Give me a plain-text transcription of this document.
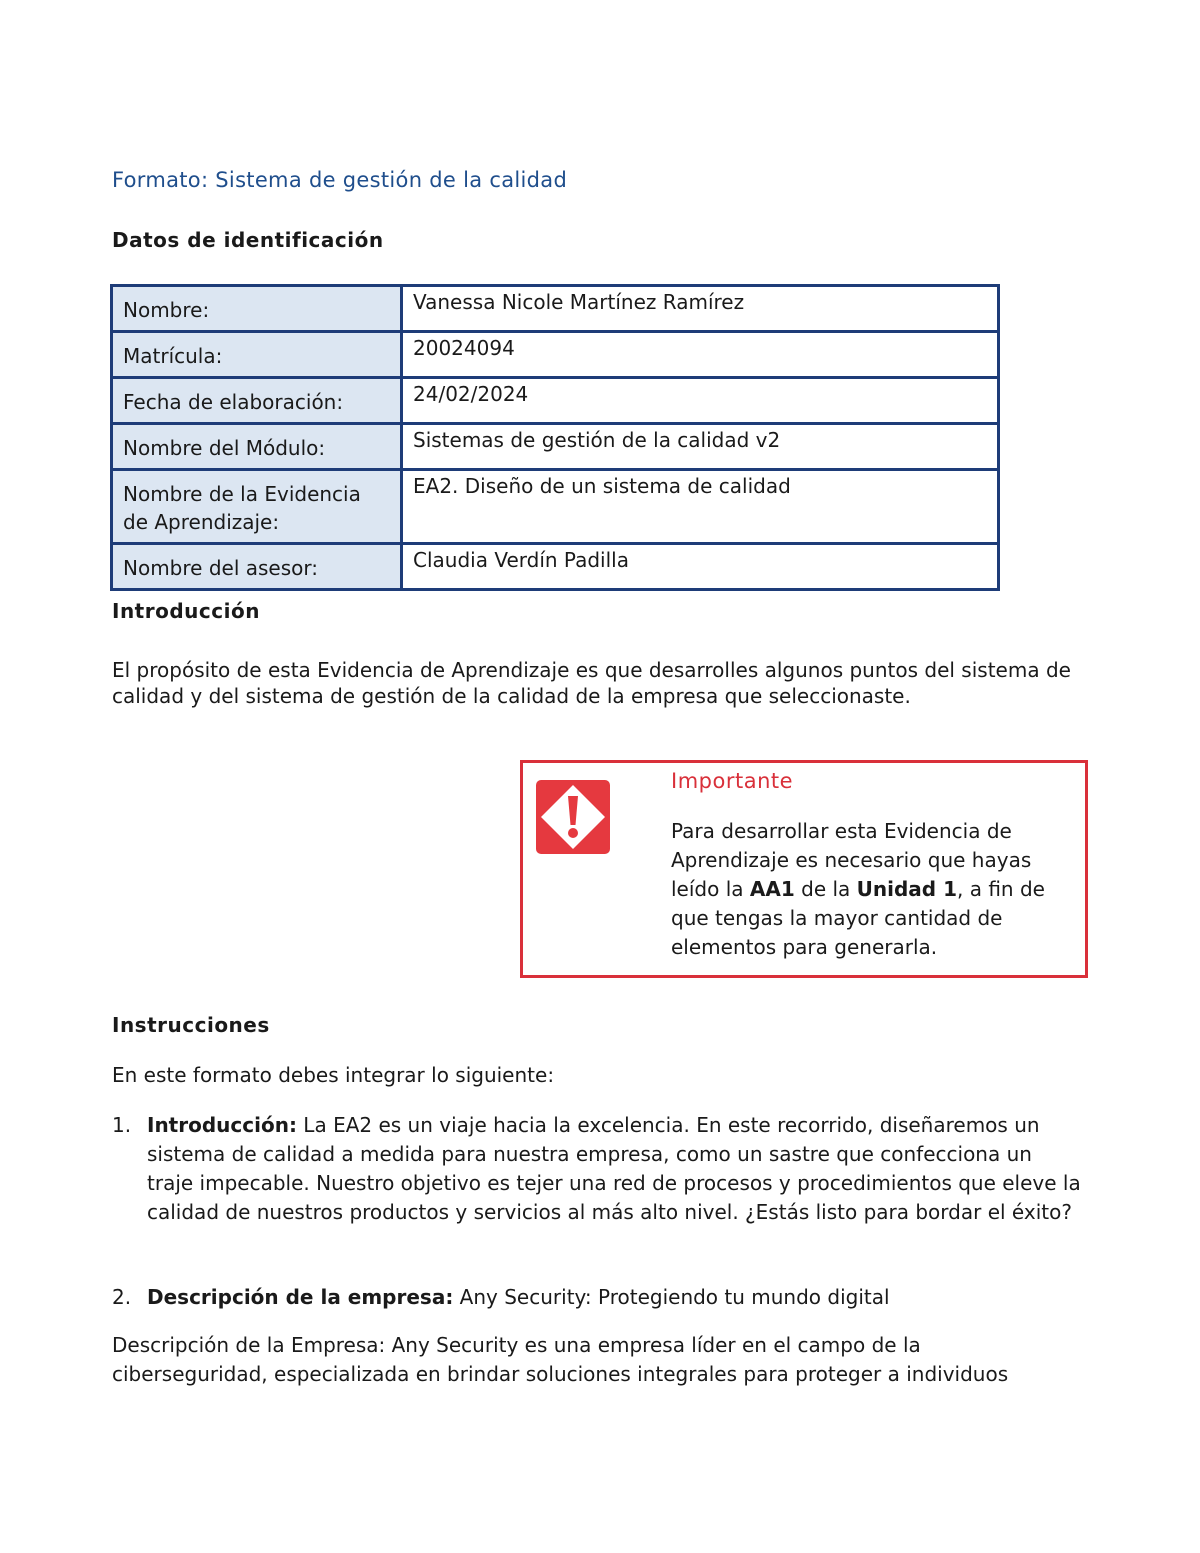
Formato: Sistema de gestión de la calidad
Datos de identificación
Nombre:	Vanessa Nicole Martínez Ramírez
Matrícula:	20024094
Fecha de elaboración:	24/02/2024
Nombre del Módulo:	Sistemas de gestión de la calidad v2
Nombre de la Evidencia de Aprendizaje:	EA2. Diseño de un sistema de calidad
Nombre del asesor:	Claudia Verdín Padilla
Introducción

El propósito de esta Evidencia de Aprendizaje es que desarrolles algunos puntos del sistema de calidad y del sistema de gestión de la calidad de la empresa que seleccionaste.

Importante

Para desarrollar esta Evidencia de Aprendizaje es necesario que hayas leído la AA1 de la Unidad 1, a fin de que tengas la mayor cantidad de elementos para generarla.

Instrucciones

En este formato debes integrar lo siguiente:

1. Introducción: La EA2 es un viaje hacia la excelencia. En este recorrido, diseñaremos un sistema de calidad a medida para nuestra empresa, como un sastre que confecciona un traje impecable. Nuestro objetivo es tejer una red de procesos y procedimientos que eleve la calidad de nuestros productos y servicios al más alto nivel. ¿Estás listo para bordar el éxito?
2. Descripción de la empresa: Any Security: Protegiendo tu mundo digital

Descripción de la Empresa: Any Security es una empresa líder en el campo de la ciberseguridad, especializada en brindar soluciones integrales para proteger a individuos
